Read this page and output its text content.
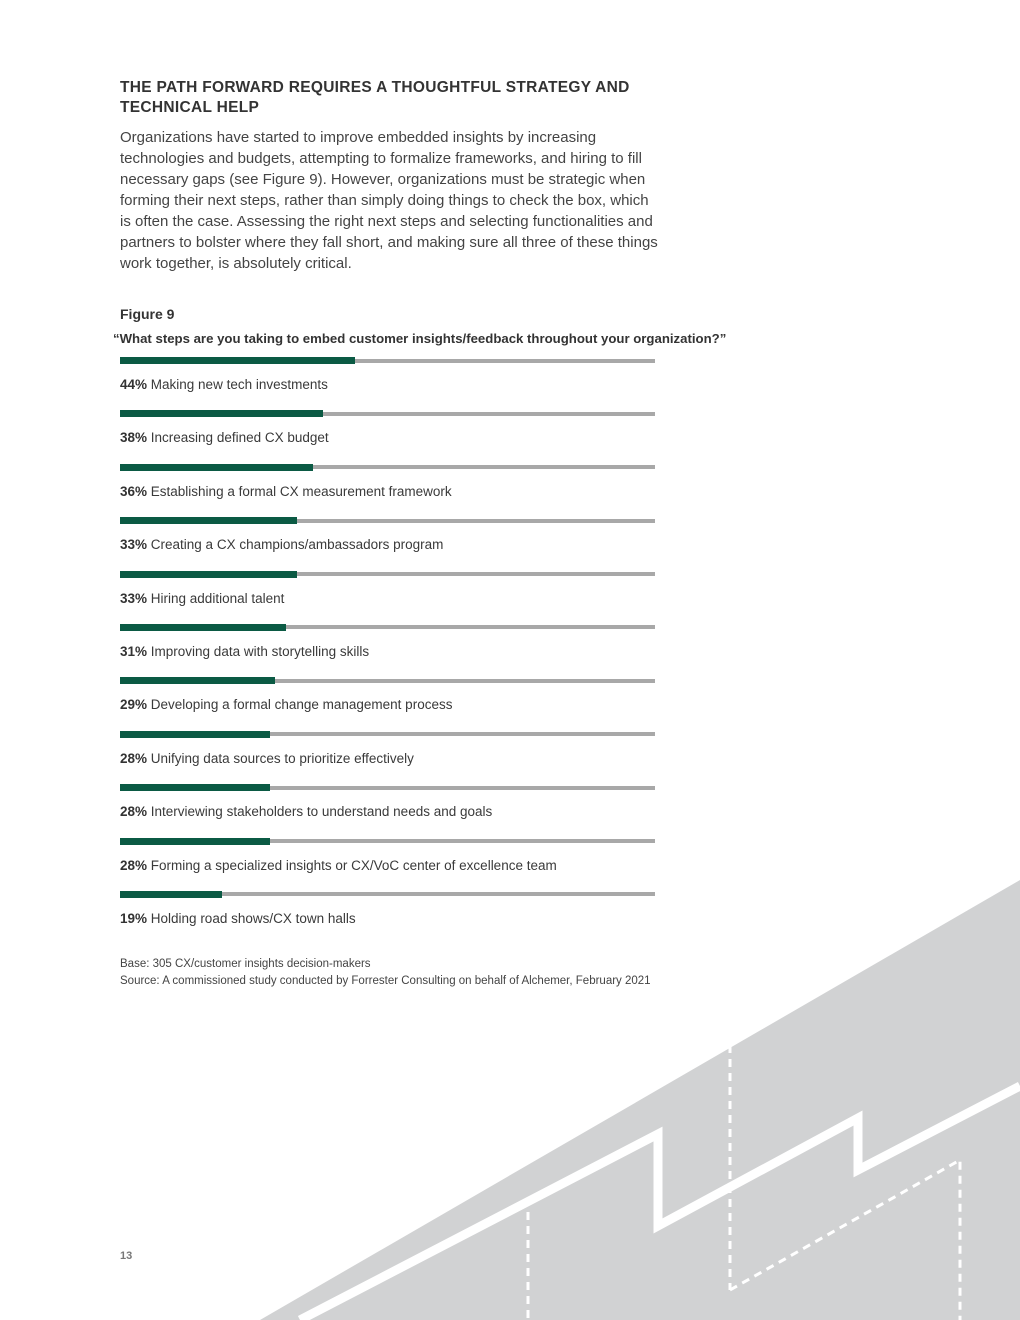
THE PATH FORWARD REQUIRES A THOUGHTFUL STRATEGY AND TECHNICAL HELP
Organizations have started to improve embedded insights by increasing technologies and budgets, attempting to formalize frameworks, and hiring to fill necessary gaps (see Figure 9). However, organizations must be strategic when forming their next steps, rather than simply doing things to check the box, which is often the case. Assessing the right next steps and selecting functionalities and partners to bolster where they fall short, and making sure all three of these things work together, is absolutely critical.
Figure 9
“What steps are you taking to embed customer insights/feedback throughout your organization?”
44% Making new tech investments
38% Increasing defined CX budget
36% Establishing a formal CX measurement framework
33% Creating a CX champions/ambassadors program
33% Hiring additional talent
31% Improving data with storytelling skills
29% Developing a formal change management process
28% Unifying data sources to prioritize effectively
28% Interviewing stakeholders to understand needs and goals
28% Forming a specialized insights or CX/VoC center of excellence team
19% Holding road shows/CX town halls
Base: 305 CX/customer insights decision-makers
Source: A commissioned study conducted by Forrester Consulting on behalf of Alchemer, February 2021
13
